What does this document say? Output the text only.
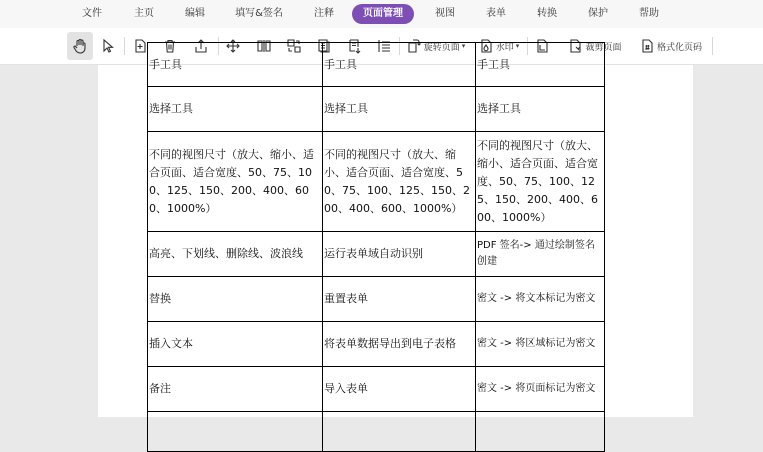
文件	主页	编辑	填写&签名	注释	页面管理	视图	表单	转换	保护	帮助
旋转页面 ▾	水印 ▾	裁剪页面	格式化页码
手工具	手工具	手工具
选择工具	选择工具	选择工具
不同的视图尺寸（放大、缩小、适合页面、适合宽度、50、75、100、125、150、200、400、600、1000%）	不同的视图尺寸（放大、缩小、适合页面、适合宽度、50、75、100、125、150、200、400、600、1000%）	不同的视图尺寸（放大、缩小、适合页面、适合宽度、50、75、100、125、150、200、400、600、1000%）
高亮、下划线、删除线、波浪线	运行表单域自动识别	PDF 签名-> 通过绘制签名创建
替换	重置表单	密文 -> 将文本标记为密文
插入文本	将表单数据导出到电子表格	密文 -> 将区域标记为密文
备注	导入表单	密文 -> 将页面标记为密文
